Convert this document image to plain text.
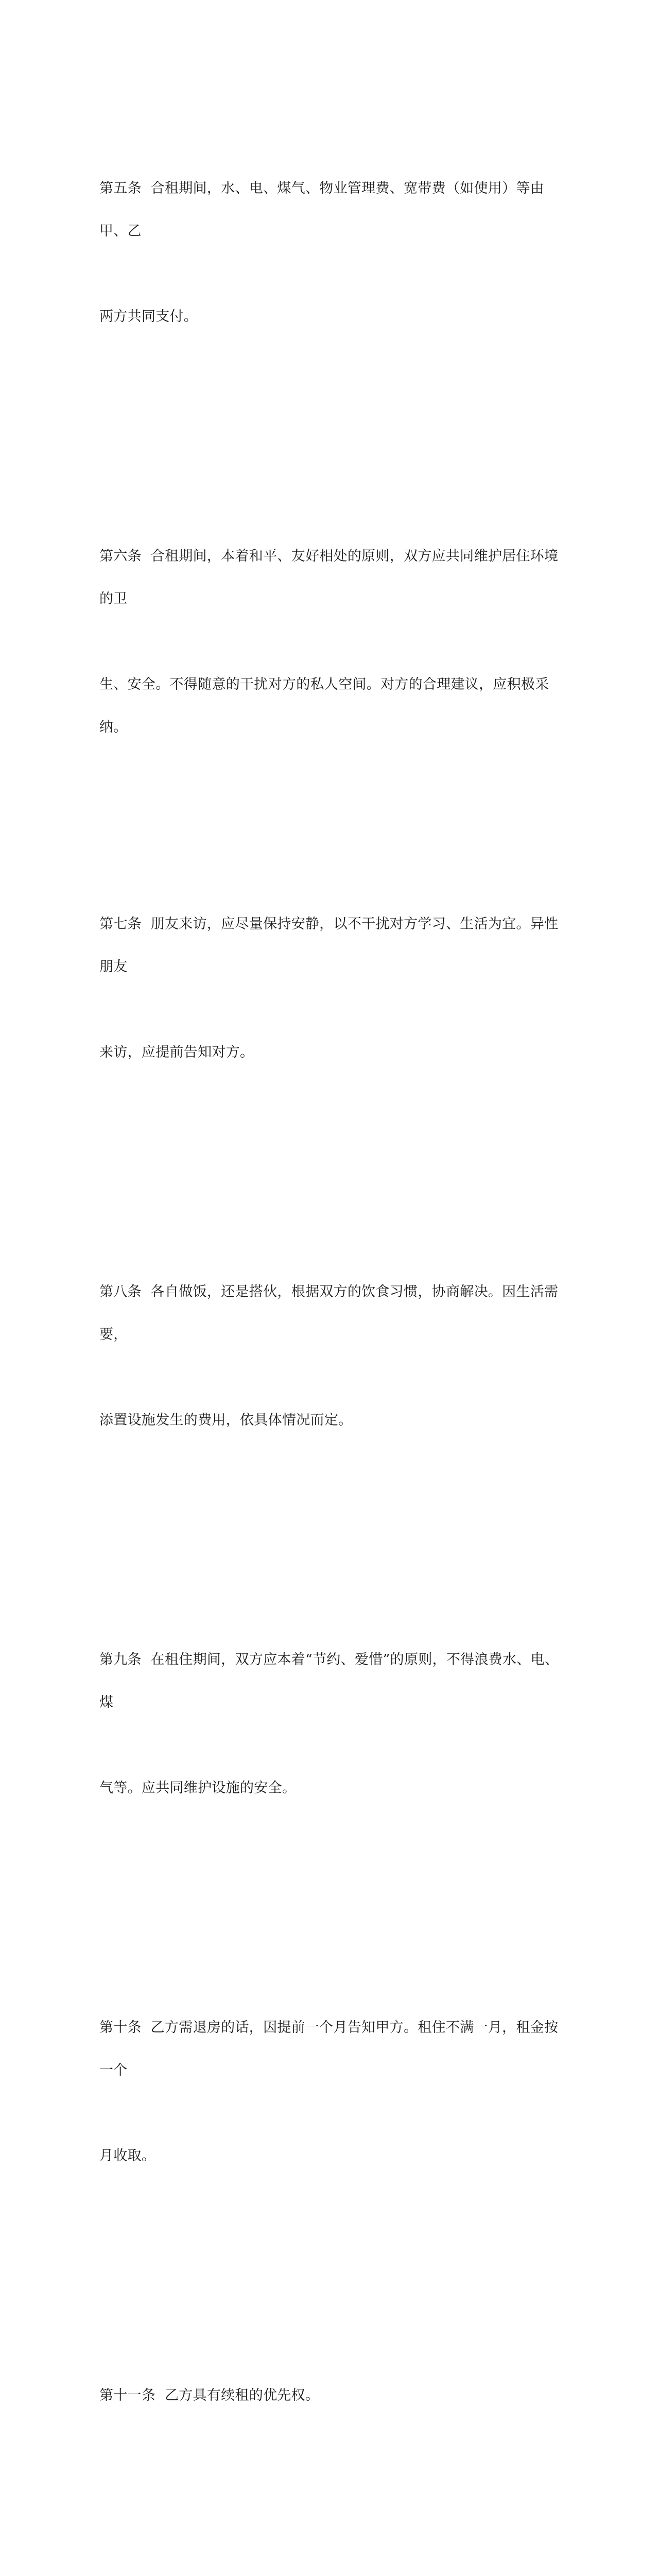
第五条  合租期间，水、电、煤气、物业管理费、宽带费（如使用）等由甲、乙

两方共同支付。

第六条  合租期间，本着和平、友好相处的原则，双方应共同维护居住环境的卫

生、安全。不得随意的干扰对方的私人空间。对方的合理建议，应积极采纳。

第七条  朋友来访，应尽量保持安静，以不干扰对方学习、生活为宜。异性朋友

来访，应提前告知对方。

第八条  各自做饭，还是搭伙，根据双方的饮食习惯，协商解决。因生活需要，

添置设施发生的费用，依具体情况而定。

第九条  在租住期间，双方应本着“节约、爱惜”的原则，不得浪费水、电、煤

气等。应共同维护设施的安全。

第十条  乙方需退房的话，因提前一个月告知甲方。租住不满一月，租金按一个

月收取。

第十一条  乙方具有续租的优先权。
